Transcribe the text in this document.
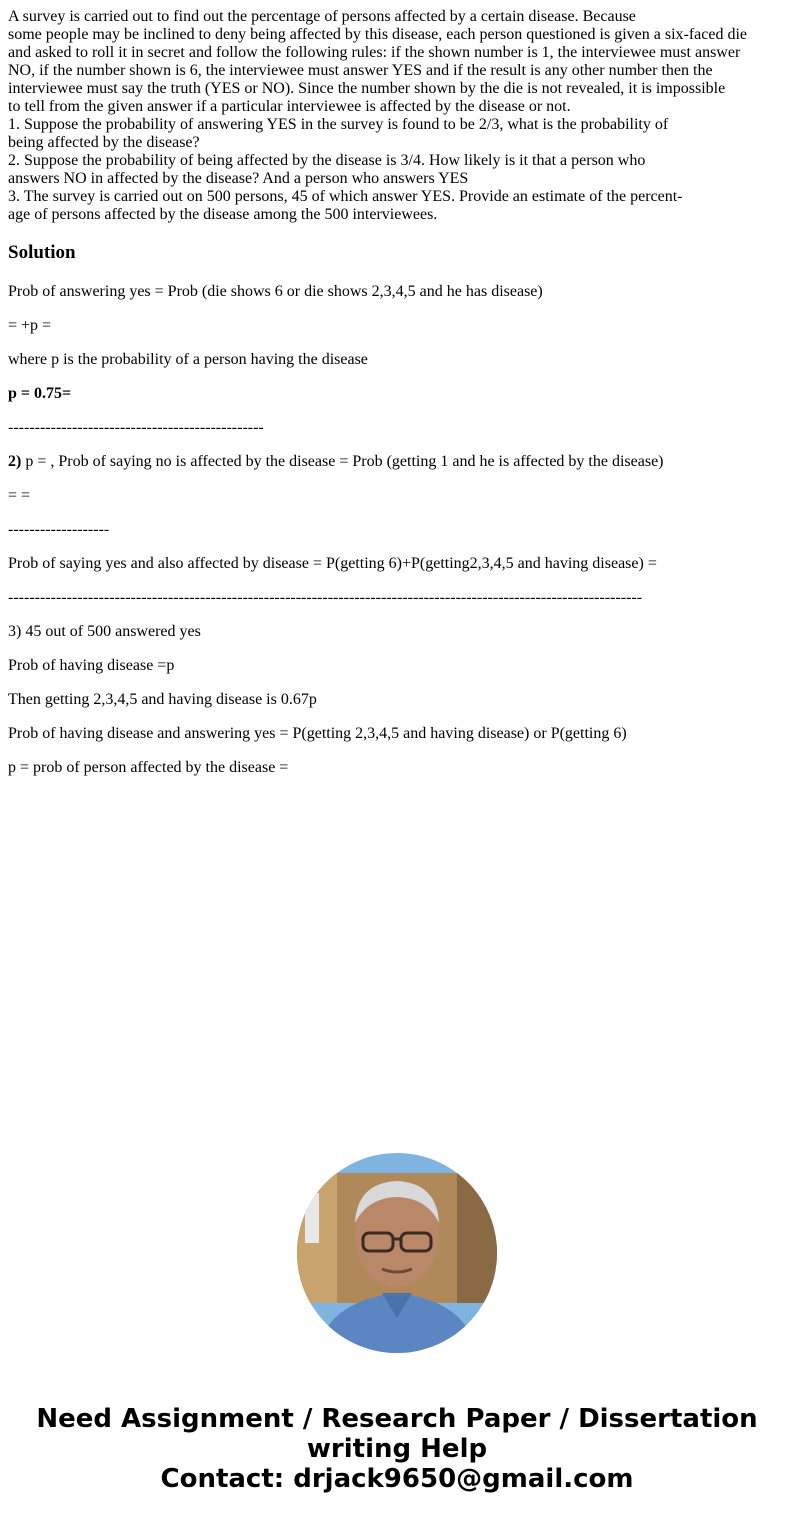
A survey is carried out to find out the percentage of persons affected by a certain disease. Because
some people may be inclined to deny being affected by this disease, each person questioned is given a six-faced die
and asked to roll it in secret and follow the following rules: if the shown number is 1, the interviewee must answer
NO, if the number shown is 6, the interviewee must answer YES and if the result is any other number then the
interviewee must say the truth (YES or NO). Since the number shown by the die is not revealed, it is impossible
to tell from the given answer if a particular interviewee is affected by the disease or not.
1. Suppose the probability of answering YES in the survey is found to be 2/3, what is the probability of
being affected by the disease?
2. Suppose the probability of being affected by the disease is 3/4. How likely is it that a person who
answers NO in affected by the disease? And a person who answers YES
3. The survey is carried out on 500 persons, 45 of which answer YES. Provide an estimate of the percent-
age of persons affected by the disease among the 500 interviewees.
Solution
Prob of answering yes = Prob (die shows 6 or die shows 2,3,4,5 and he has disease)
= +p =
where p is the probability of a person having the disease
p = 0.75=
------------------------------------------------
2) p = , Prob of saying no is affected by the disease = Prob (getting 1 and he is affected by the disease)
= =
-------------------
Prob of saying yes and also affected by disease = P(getting 6)+P(getting2,3,4,5 and having disease) =
-----------------------------------------------------------------------------------------------------------------------
3) 45 out of 500 answered yes
Prob of having disease =p
Then getting 2,3,4,5 and having disease is 0.67p
Prob of having disease and answering yes = P(getting 2,3,4,5 and having disease) or P(getting 6)
p = prob of person affected by the disease =
Need Assignment / Research Paper / Dissertation
writing Help
Contact: drjack9650@gmail.com
